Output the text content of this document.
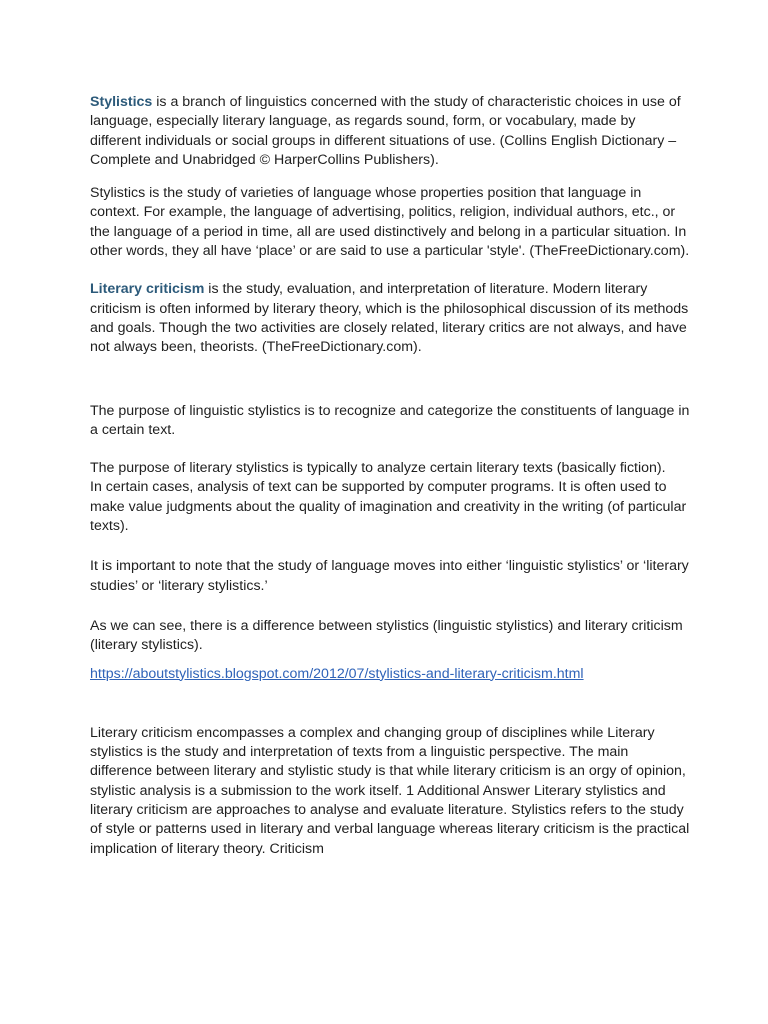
Stylistics is a branch of linguistics concerned with the study of characteristic choices in use of language, especially literary language, as regards sound, form, or vocabulary, made by different individuals or social groups in different situations of use. (Collins English Dictionary – Complete and Unabridged © HarperCollins Publishers).

Stylistics is the study of varieties of language whose properties position that language in context. For example, the language of advertising, politics, religion, individual authors, etc., or the language of a period in time, all are used distinctively and belong in a particular situation. In other words, they all have ‘place’ or are said to use a particular 'style'. (TheFreeDictionary.com).

Literary criticism is the study, evaluation, and interpretation of literature. Modern literary criticism is often informed by literary theory, which is the philosophical discussion of its methods and goals. Though the two activities are closely related, literary critics are not always, and have not always been, theorists. (TheFreeDictionary.com).

The purpose of linguistic stylistics is to recognize and categorize the constituents of language in a certain text.

The purpose of literary stylistics is typically to analyze certain literary texts (basically fiction).

In certain cases, analysis of text can be supported by computer programs. It is often used to make value judgments about the quality of imagination and creativity in the writing (of particular texts).

It is important to note that the study of language moves into either ‘linguistic stylistics’ or ‘literary studies’ or ‘literary stylistics.’

As we can see, there is a difference between stylistics (linguistic stylistics) and literary criticism (literary stylistics).

https://aboutstylistics.blogspot.com/2012/07/stylistics-and-literary-criticism.html

Literary criticism encompasses a complex and changing group of disciplines while Literary stylistics is the study and interpretation of texts from a linguistic perspective. The main difference between literary and stylistic study is that while literary criticism is an orgy of opinion, stylistic analysis is a submission to the work itself. 1 Additional Answer Literary stylistics and literary criticism are approaches to analyse and evaluate literature. Stylistics refers to the study of style or patterns used in literary and verbal language whereas literary criticism is the practical implication of literary theory. Criticism
